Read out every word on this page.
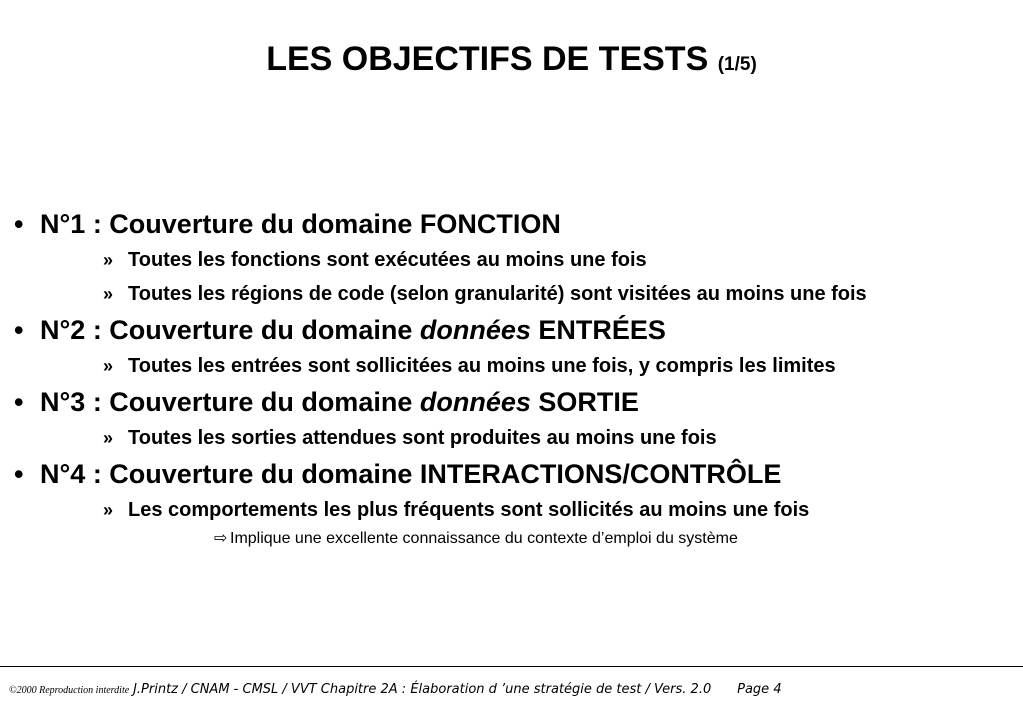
LES OBJECTIFS DE TESTS (1/5)
• N°1 : Couverture du domaine FONCTION
» Toutes les fonctions sont exécutées au moins une fois
» Toutes les régions de code (selon granularité) sont visitées au moins une fois
• N°2 : Couverture du domaine données ENTRÉES
» Toutes les entrées sont sollicitées au moins une fois, y compris les limites
• N°3 : Couverture du domaine données SORTIE
» Toutes les sorties attendues sont produites au moins une fois
• N°4 : Couverture du domaine INTERACTIONS/CONTRÔLE
» Les comportements les plus fréquents sont sollicités au moins une fois
⇨ Implique une excellente connaissance du contexte d’emploi du système
©2000 Reproduction interdite J.Printz / CNAM - CMSL / VVT Chapitre 2A : Élaboration d ’une stratégie de test / Vers. 2.0 Page 4
